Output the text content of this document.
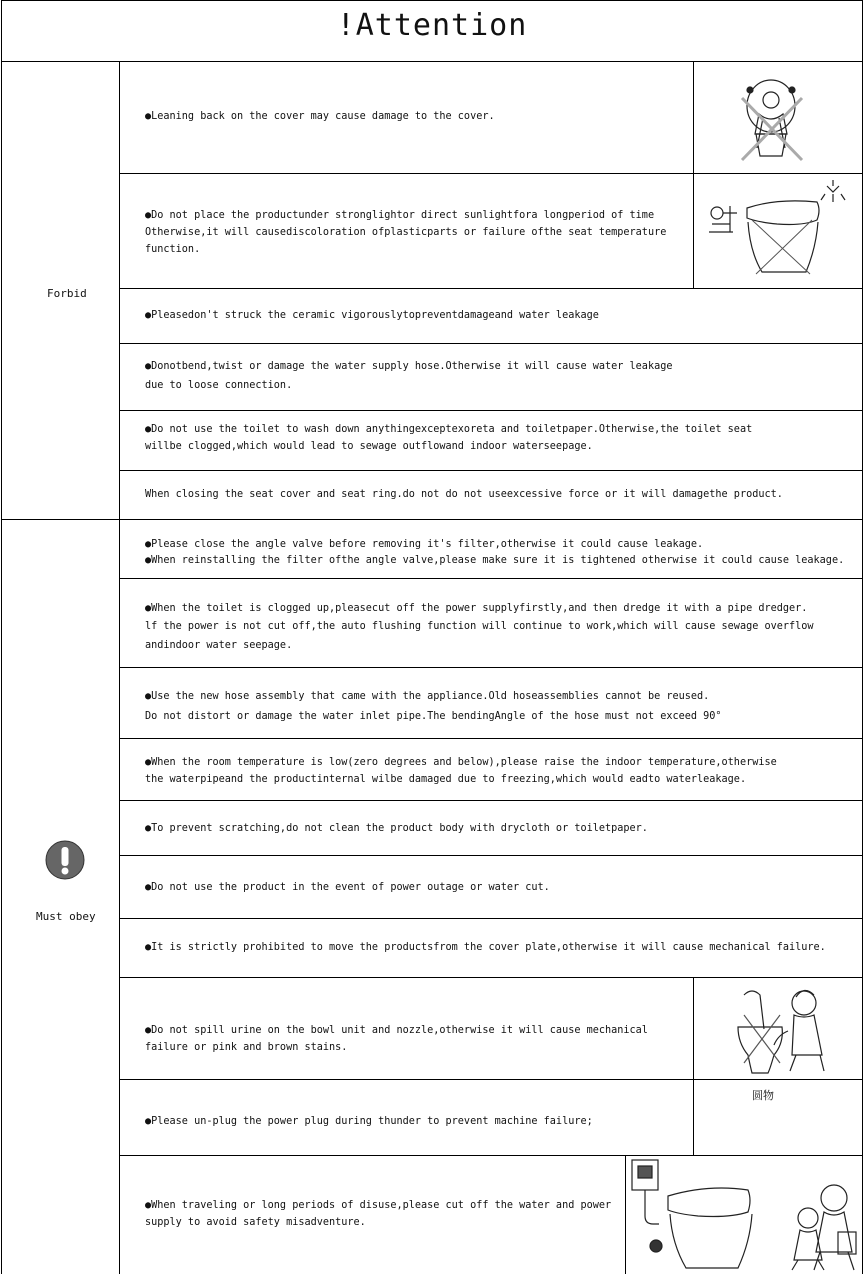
!Attention
Forbid
Must obey
●Leaning back on the cover may cause damage to the cover.
●Do not place the productunder stronglightor direct sunlightfora longperiod of time
Otherwise,it will causediscoloration ofplasticparts or failure ofthe seat temperature
function.
●Pleasedon't struck the ceramic vigorouslytopreventdamageand water leakage
●Donotbend,twist or damage the water supply hose.Otherwise it will cause water leakage
due to loose connection.
●Do not use the toilet to wash down anythingexceptexoreta and toiletpaper.Otherwise,the toilet seat
willbe clogged,which would lead to sewage outflowand indoor waterseepage.
When closing the seat cover and seat ring.do not do not useexcessive force or it will damagethe product.
●Please close the angle valve before removing it's filter,otherwise it could cause leakage.
●When reinstalling the filter ofthe angle valve,please make sure it is tightened otherwise it could cause leakage.
●When the toilet is clogged up,pleasecut off the power supplyfirstly,and then dredge it with a pipe dredger.
lf the power is not cut off,the auto flushing function will continue to work,which will cause sewage overflow
andindoor water seepage.
●Use the new hose assembly that came with the appliance.Old hoseassemblies cannot be reused.
Do not distort or damage the water inlet pipe.The bendingAngle of the hose must not exceed 90°
●When the room temperature is low(zero degrees and below),please raise the indoor temperature,otherwise
the waterpipeand the productinternal wilbe damaged due to freezing,which would eadto waterleakage.
●To prevent scratching,do not clean the product body with drycloth or toiletpaper.
●Do not use the product in the event of power outage or water cut.
●It is strictly prohibited to move the productsfrom the cover plate,otherwise it will cause mechanical failure.
●Do not spill urine on the bowl unit and nozzle,otherwise it will cause mechanical
failure or pink and brown stains.
●Please un-plug the power plug during thunder to prevent machine failure;
圆物
●When traveling or long periods of disuse,please cut off the water and power
supply to avoid safety misadventure.
